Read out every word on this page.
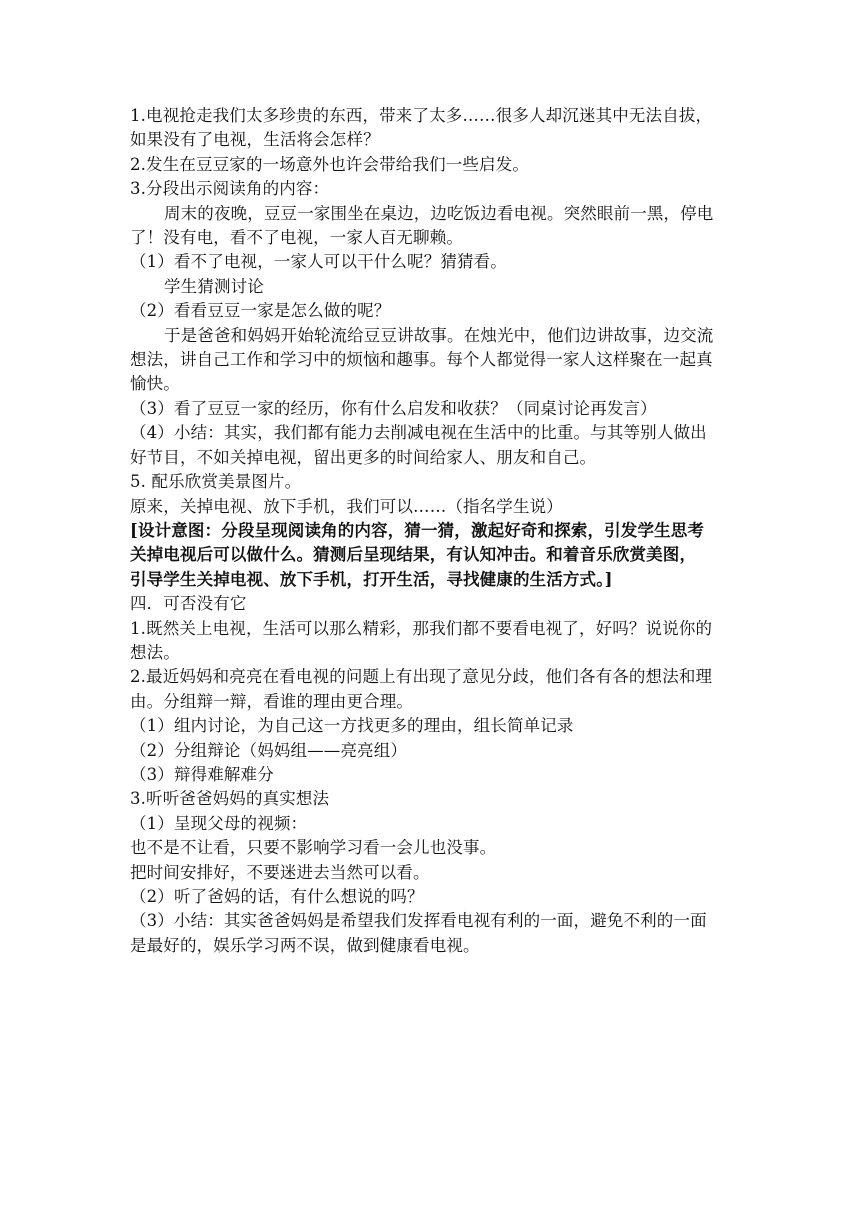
1.电视抢走我们太多珍贵的东西，带来了太多……很多人却沉迷其中无法自拔，
如果没有了电视，生活将会怎样？
2.发生在豆豆家的一场意外也许会带给我们一些启发。
3.分段出示阅读角的内容：
周末的夜晚，豆豆一家围坐在桌边，边吃饭边看电视。突然眼前一黑，停电
了！没有电，看不了电视，一家人百无聊赖。
（1）看不了电视，一家人可以干什么呢？猜猜看。
学生猜测讨论
（2）看看豆豆一家是怎么做的呢？
于是爸爸和妈妈开始轮流给豆豆讲故事。在烛光中，他们边讲故事，边交流
想法，讲自己工作和学习中的烦恼和趣事。每个人都觉得一家人这样聚在一起真
愉快。
（3）看了豆豆一家的经历，你有什么启发和收获？（同桌讨论再发言）
（4）小结：其实，我们都有能力去削减电视在生活中的比重。与其等别人做出
好节目，不如关掉电视，留出更多的时间给家人、朋友和自己。
5. 配乐欣赏美景图片。
原来，关掉电视、放下手机，我们可以……（指名学生说）
[设计意图：分段呈现阅读角的内容，猜一猜，激起好奇和探索，引发学生思考
关掉电视后可以做什么。猜测后呈现结果，有认知冲击。和着音乐欣赏美图，
引导学生关掉电视、放下手机，打开生活，寻找健康的生活方式。]
四．可否没有它
1.既然关上电视，生活可以那么精彩，那我们都不要看电视了，好吗？说说你的
想法。
2.最近妈妈和亮亮在看电视的问题上有出现了意见分歧，他们各有各的想法和理
由。分组辩一辩，看谁的理由更合理。
（1）组内讨论，为自己这一方找更多的理由，组长简单记录
（2）分组辩论（妈妈组——亮亮组）
（3）辩得难解难分
3.听听爸爸妈妈的真实想法
（1）呈现父母的视频：
也不是不让看，只要不影响学习看一会儿也没事。
把时间安排好，不要迷进去当然可以看。
（2）听了爸妈的话，有什么想说的吗？
（3）小结：其实爸爸妈妈是希望我们发挥看电视有利的一面，避免不利的一面
是最好的，娱乐学习两不误，做到健康看电视。
